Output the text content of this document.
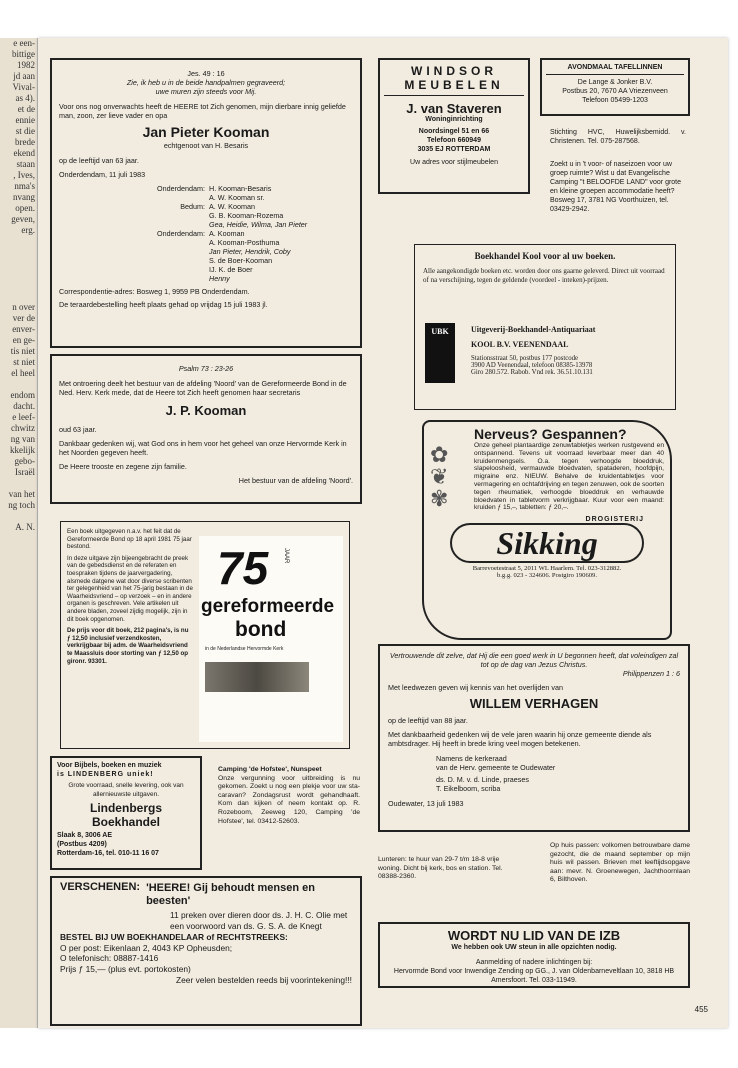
e een-
bittige
1982
jd aan
Vival-
as 4).
et de
ennie
st die
brede
ekend
staan
, Ives,
nma's
nvang
open.
geven,
erg.

n over
ver de
enver-
en ge-
tis niet
st niet
el heel

endom
dacht.
e leef-
chwitz
ng van
kkelijk
gebo-
Israël

van het
ng toch

A. N.
Jes. 49 : 16
Zie, ik heb u in de beide handpalmen gegraveerd;
uwe muren zijn steeds voor Mij.
Voor ons nog onverwachts heeft de HEERE tot Zich genomen, mijn dierbare innig geliefde man, zoon, zer lieve vader en opa
Jan Pieter Kooman
echtgenoot van H. Besaris
op de leeftijd van 63 jaar.
Onderdendam, 11 juli 1983
Onderdendam: H. Kooman-Besaris
A. W. Kooman sr.
Bedum: A. W. Kooman
G. B. Kooman-Rozema
Gea, Heidie, Wilma, Jan Pieter
Onderdendam: A. Kooman
A. Kooman-Posthuma
Jan Pieter, Hendrik, Coby
S. de Boer-Kooman
IJ. K. de Boer
Henny
Correspondentie-adres: Bosweg 1, 9959 PB Onderdendam.
De teraardebestelling heeft plaats gehad op vrijdag 15 juli 1983 jl.
Psalm 73 : 23-26
Met ontroering deelt het bestuur van de afdeling 'Noord' van de Gereformeerde Bond in de Ned. Herv. Kerk mede, dat de Heere tot Zich heeft genomen haar secretaris
J. P. Kooman
oud 63 jaar.
Dankbaar gedenken wij, wat God ons in hem voor het geheel van onze Hervormde Kerk in het Noorden gegeven heeft.
De Heere trooste en zegene zijn familie.
Het bestuur van de afdeling 'Noord'.
Een boek uitgegeven n.a.v. het feit dat de Gereformeerde Bond op 18 april 1981 75 jaar bestond.
In deze uitgave zijn bijeengebracht de preek van de gebedsdienst en de referaten en toespraken tijdens de jaarvergadering, alsmede datgene wat door diverse scribenten ter gelegenheid van het 75-jarig bestaan in de Waarheidsvriend – op verzoek – en in andere organen is geschreven. Vele artikelen uit andere bladen, zoveel zijdig mogelijk, zijn in dit boek opgenomen.
De prijs voor dit boek, 212 pagina's, is nu ƒ 12,50 inclusief verzendkosten, verkrijgbaar bij adm. de Waarheidsvriend te Maassluis door storting van ƒ 12,50 op gironr. 93301.
75 JAAR
gereformeerde
bond
in de Nederlandse Hervormde Kerk
Voor Bijbels, boeken en muziek
is LINDENBERG uniek!
Grote voorraad, snelle levering, ook van allernieuwste uitgaven.
Lindenbergs
Boekhandel
Slaak 8, 3006 AE
(Postbus 4209)
Rotterdam-16, tel. 010-11 16 07
Camping 'de Hofstee', Nunspeet
Onze vergunning voor uitbreiding is nu gekomen. Zoekt u nog een plekje voor uw sta-caravan? Zondagsrust wordt gehandhaaft. Kom dan kijken of neem kontakt op. R. Rozeboom, Zeeweg 120, Camping 'de Hofstee', tel. 03412-52603.
VERSCHENEN: 'HEERE! Gij behoudt mensen en beesten'
11 preken over dieren door ds. J. H. C. Olie met een voorwoord van ds. G. S. A. de Knegt
BESTEL BIJ UW BOEKHANDELAAR of RECHTSTREEKS:
O per post: Eikenlaan 2, 4043 KP Opheusden;
O telefonisch: 08887-1416
Prijs ƒ 15,— (plus evt. portokosten)
Zeer velen bestelden reeds bij voorintekening!!!
WINDSOR
MEUBELEN
J. van Staveren
Woninginrichting
Noordsingel 51 en 66
Telefoon 660949
3035 EJ ROTTERDAM
Uw adres voor stijlmeubelen
AVONDMAAL TAFELLINNEN
De Lange & Jonker B.V.
Postbus 20, 7670 AA Vriezenveen
Telefoon 05499-1203
Stichting HVC, Huwelijksbemidd. v. Christenen. Tel. 075-287568.
Zoekt u in 't voor- of naseizoen voor uw groep ruimte? Wist u dat Evangelische Camping "t BELOOFDE LAND" voor grote en kleine groepen accommodatie heeft?
Bosweg 17, 3781 NG Voorthuizen, tel. 03429-2942.
Boekhandel Kool voor al uw boeken.
Alle aangekondigde boeken etc. worden door ons gaarne geleverd. Direct uit voorraad of na verschijning, tegen de geldende (voordeel - inteken)-prijzen.
UBK	Uitgeverij-Boekhandel-Antiquariaat
KOOL B.V. VEENENDAAL
Stationsstraat 50, postbus 177 postcode
3900 AD Veenendaal, telefoon 08385-13978
Giro 280.572. Rabob. Vnd rek. 36.51.10.131
✿
❦
✾
Nerveus? Gespannen?
Onze geheel plantaardige zenuwtabletjes werken rustgevend en ontspannend. Tevens uit voorraad leverbaar meer dan 40 kruidenmengsels. O.a. tegen verhoogde bloeddruk, slapeloosheid, vermauwde bloedvaten, spataderen, hoofdpijn, migraine enz. NIEUW. Behalve de kruidentabletjes voor vermagering en ochtafdrijving en tegen zenuwen, ook de soorten tegen rheumatiek, verhoogde bloeddruk en verhauwde bloedvaten in tabletvorm verkrijgbaar. Kuur voor een maand: kruiden ƒ 15,–, tabletten: ƒ 20,–.
DROGISTERIJ
Sikking
Barrevoetestraat 5, 2011 WL Haarlem. Tel. 023-312882.
b.g.g. 023 - 324606. Postgiro 190609.
Vertrouwende dit zelve, dat Hij die een goed werk in U begonnen heeft, dat voleindigen zal tot op de dag van Jezus Christus.
Philippenzen 1 : 6
Met leedwezen geven wij kennis van het overlijden van
WILLEM VERHAGEN
op de leeftijd van 88 jaar.
Met dankbaarheid gedenken wij de vele jaren waarin hij onze gemeente diende als ambtsdrager. Hij heeft in brede kring veel mogen betekenen.
Namens de kerkeraad
van de Herv. gemeente te Oudewater
ds. D. M. v. d. Linde, praeses
T. Eikelboom, scriba
Oudewater, 13 juli 1983
Lunteren: te huur van 29-7 t/m 18-8 vrije woning. Dicht bij kerk, bos en station. Tel. 08388-2360.
Op huis passen: volkomen betrouwbare dame gezocht, die de maand september op mijn huis wil passen. Brieven met leeftijdsopgave aan: mevr. N. Groenewegen, Jachthoornlaan 6, Bilthoven.
WORDT NU LID VAN DE IZB
We hebben ook UW steun in alle opzichten nodig.
Aanmelding of nadere inlichtingen bij:
Hervormde Bond voor Inwendige Zending op GG., J. van Oldenbarneveltlaan 10, 3818 HB Amersfoort. Tel. 033-11949.
455
